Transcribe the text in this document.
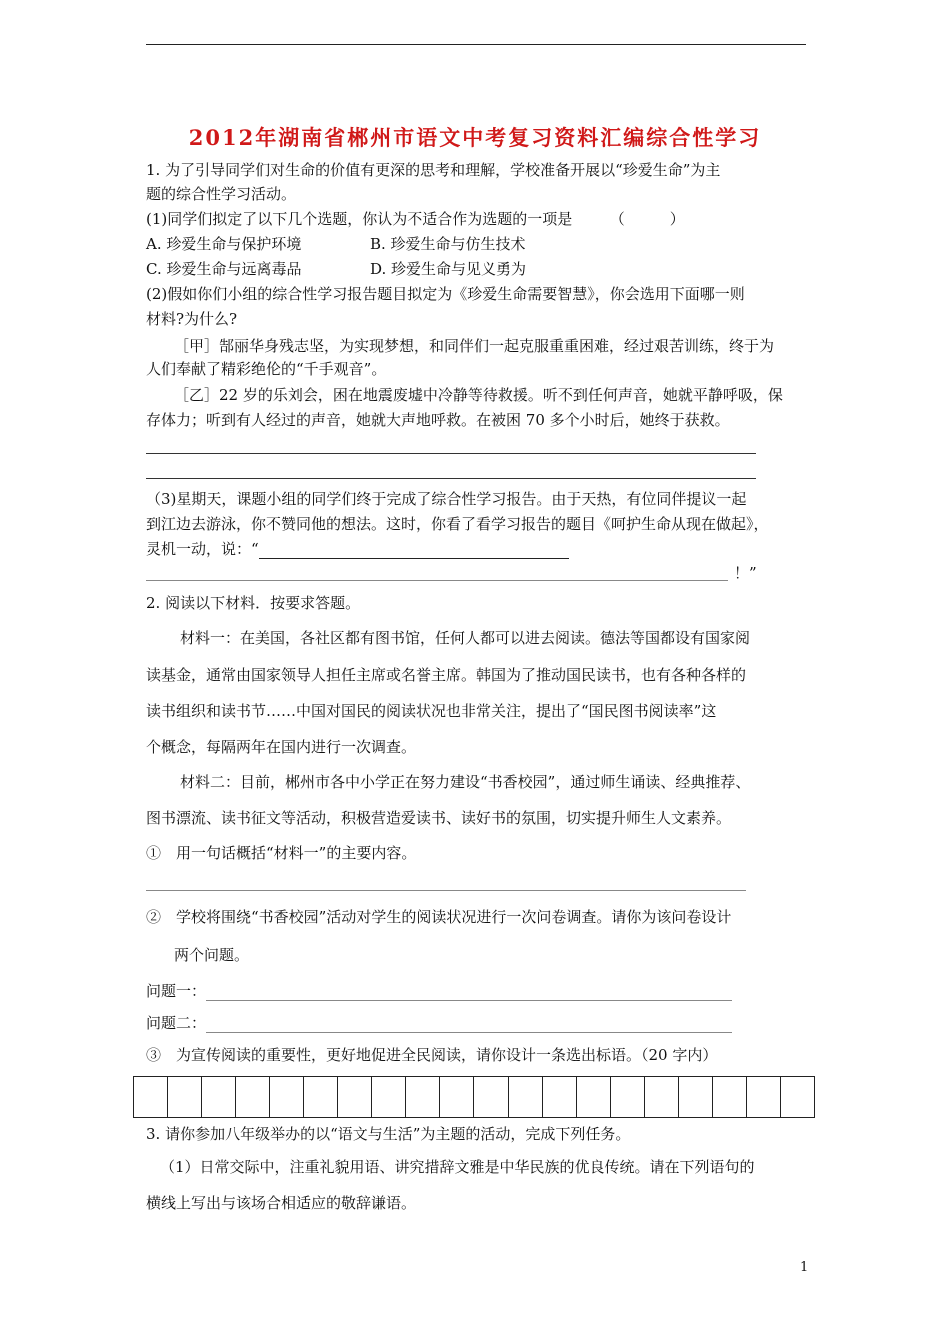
2012年湖南省郴州市语文中考复习资料汇编综合性学习
1. 为了引导同学们对生命的价值有更深的思考和理解，学校准备开展以“珍爱生命”为主
题的综合性学习活动。
(1)同学们拟定了以下几个选题，你认为不适合作为选题的一项是　　　（　　　）
A. 珍爱生命与保护环境	B. 珍爱生命与仿生技术
C. 珍爱生命与远离毒品	D. 珍爱生命与见义勇为
(2)假如你们小组的综合性学习报告题目拟定为《珍爱生命需要智慧》，你会选用下面哪一则
材料?为什么?
［甲］郜丽华身残志坚，为实现梦想，和同伴们一起克服重重困难，经过艰苦训练，终于为
人们奉献了精彩绝伦的“千手观音”。
［乙］22 岁的乐刘会，困在地震废墟中冷静等待救援。听不到任何声音，她就平静呼吸，保
存体力；听到有人经过的声音，她就大声地呼救。在被困 70 多个小时后，她终于获救。
（3)星期天，课题小组的同学们终于完成了综合性学习报告。由于天热，有位同伴提议一起
到江边去游泳，你不赞同他的想法。这时，你看了看学习报告的题目《呵护生命从现在做起》，
灵机一动，说：“
！”
2. 阅读以下材料．按要求答题。
材料一：在美国，各社区都有图书馆，任何人都可以进去阅读。德法等国都设有国家阅
读基金，通常由国家领导人担任主席或名誉主席。韩国为了推动国民读书，也有各种各样的
读书组织和读书节……中国对国民的阅读状况也非常关注，提出了“国民图书阅读率”这
个概念，每隔两年在国内进行一次调查。
材料二：目前，郴州市各中小学正在努力建设“书香校园”，通过师生诵读、经典推荐、
图书漂流、读书征文等活动，积极营造爱读书、读好书的氛围，切实提升师生人文素养。
①　用一句话概括“材料一”的主要内容。
②　学校将围绕“书香校园”活动对学生的阅读状况进行一次问卷调查。请你为该问卷设计
两个问题。
问题一：
问题二：
③　为宣传阅读的重要性，更好地促进全民阅读，请你设计一条选出标语。（20 字内）
3. 请你参加八年级举办的以“语文与生活”为主题的活动，完成下列任务。
（1）日常交际中，注重礼貌用语、讲究措辞文雅是中华民族的优良传统。请在下列语句的
横线上写出与该场合相适应的敬辞谦语。
1
